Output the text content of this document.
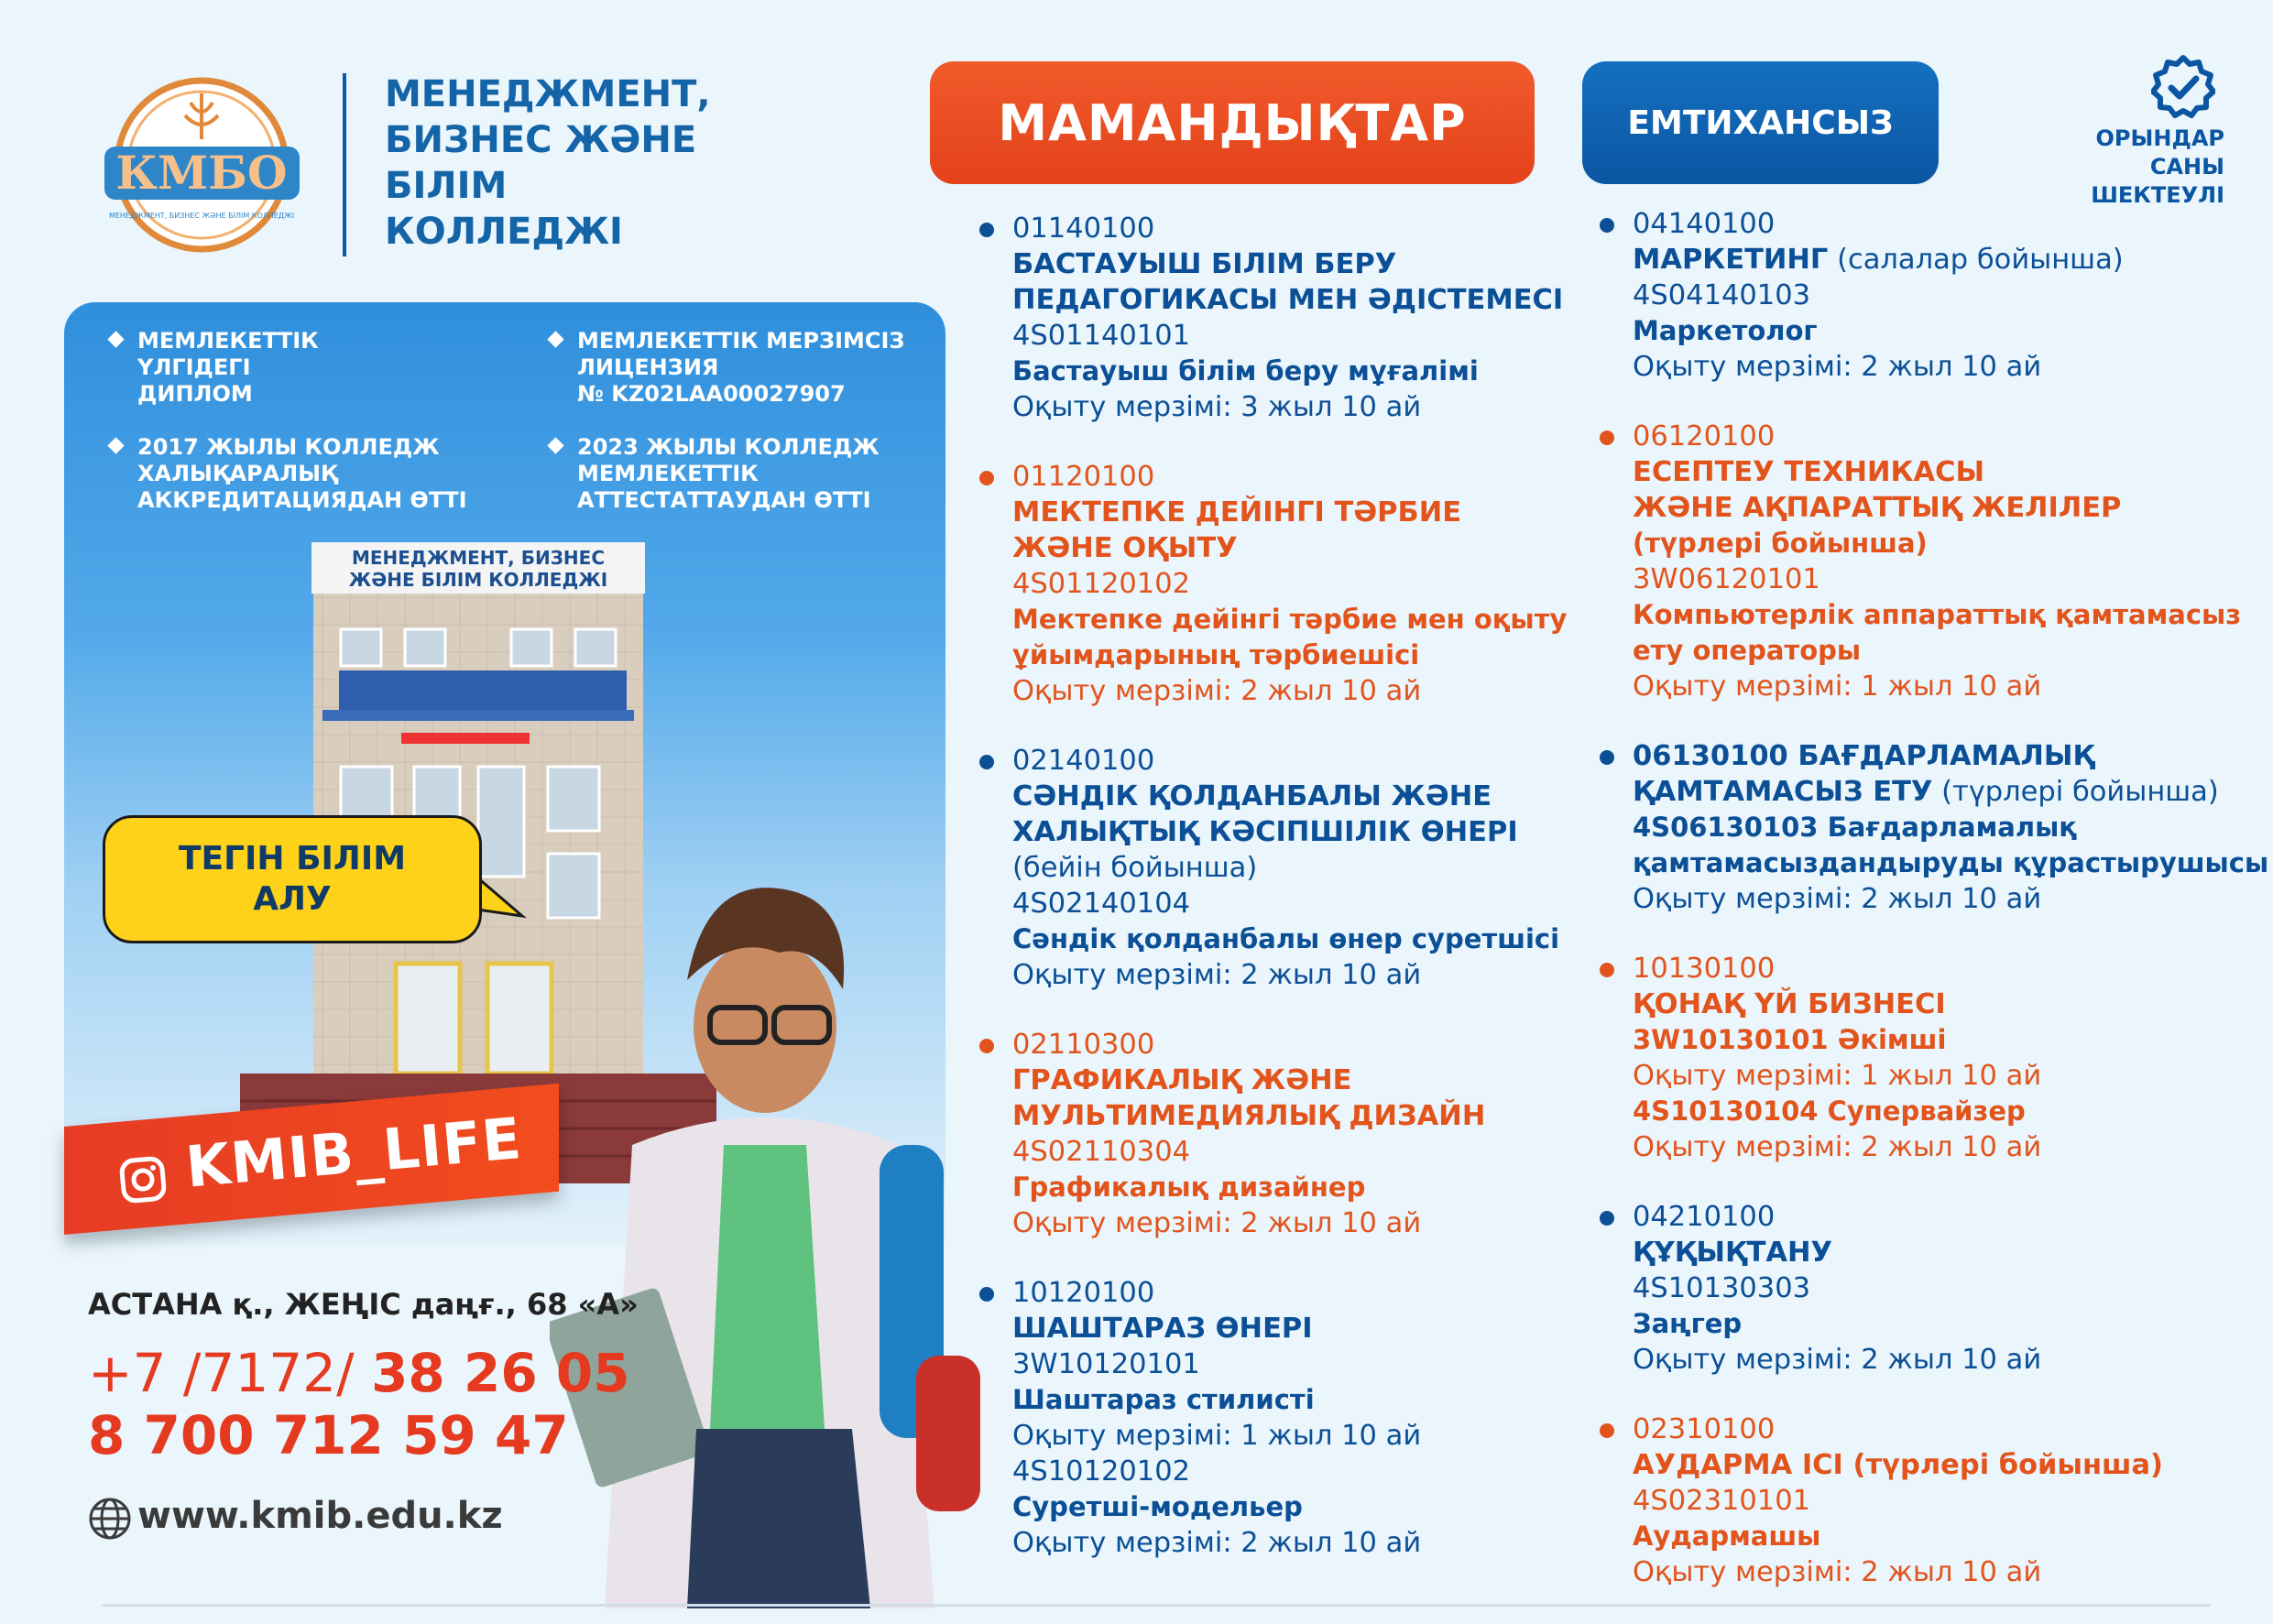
КМБО
МЕНЕДЖМЕНТ, БИЗНЕС ЖӘНЕ БІЛІМ КОЛЛЕДЖІ
МЕНЕДЖМЕНТ,
БИЗНЕС ЖӘНЕ
БІЛІМ
КОЛЛЕДЖІ
МЕМЛЕКЕТТІК
ҮЛГІДЕГІ
ДИПЛОМ
МЕМЛЕКЕТТІК МЕРЗІМСІЗ
ЛИЦЕНЗИЯ
№ KZ02LAA00027907
2017 ЖЫЛЫ КОЛЛЕДЖ
ХАЛЫҚАРАЛЫҚ
АККРЕДИТАЦИЯДАН ӨТТІ
2023 ЖЫЛЫ КОЛЛЕДЖ
МЕМЛЕКЕТТІК
АТТЕСТАТТАУДАН ӨТТІ
МЕНЕДЖМЕНТ, БИЗНЕС
ЖӘНЕ БІЛІМ КОЛЛЕДЖІ
ТЕГІН БІЛІМ
АЛУ
KMIB_LIFE
АСТАНА қ., ЖЕҢІС даңғ., 68 «А»
+7 /7172/ 38 26 05
8 700 712 59 47
www.kmib.edu.kz
МАМАНДЫҚТАР	ЕМТИХАНСЫЗ	ОРЫНДАР
САНЫ
ШЕКТЕУЛІ
01140100
БАСТАУЫШ БІЛІМ БЕРУ
ПЕДАГОГИКАСЫ МЕН ӘДІСТЕМЕСІ
4S01140101
Бастауыш білім беру мұғалімі
Оқыту мерзімі: 3 жыл 10 ай
01120100
МЕКТЕПКЕ ДЕЙІНГІ ТӘРБИЕ
ЖӘНЕ ОҚЫТУ
4S01120102
Мектепке дейінгі тәрбие мен оқыту
ұйымдарының тәрбиешісі
Оқыту мерзімі: 2 жыл 10 ай
02140100
СӘНДІК ҚОЛДАНБАЛЫ ЖӘНЕ
ХАЛЫҚТЫҚ КӘСІПШІЛІК ӨНЕРІ
(бейін бойынша)
4S02140104
Сәндік қолданбалы өнер суретшісі
Оқыту мерзімі: 2 жыл 10 ай
02110300
ГРАФИКАЛЫҚ ЖӘНЕ
МУЛЬТИМЕДИЯЛЫҚ ДИЗАЙН
4S02110304
Графикалық дизайнер
Оқыту мерзімі: 2 жыл 10 ай
10120100
ШАШТАРАЗ ӨНЕРІ
3W10120101
Шаштараз стилисті
Оқыту мерзімі: 1 жыл 10 ай
4S10120102
Суретші-модельер
Оқыту мерзімі: 2 жыл 10 ай
04140100
МАРКЕТИНГ (салалар бойынша)
4S04140103
Маркетолог
Оқыту мерзімі: 2 жыл 10 ай
06120100
ЕСЕПТЕУ ТЕХНИКАСЫ
ЖӘНЕ АҚПАРАТТЫҚ ЖЕЛІЛЕР
(түрлері бойынша)
3W06120101
Компьютерлік аппараттық қамтамасыз
ету операторы
Оқыту мерзімі: 1 жыл 10 ай
06130100 БАҒДАРЛАМАЛЫҚ
ҚАМТАМАСЫЗ ЕТУ (түрлері бойынша)
4S06130103 Бағдарламалық
қамтамасыздандыруды құрастырушысы
Оқыту мерзімі: 2 жыл 10 ай
10130100
ҚОНАҚ ҮЙ БИЗНЕСІ
3W10130101 Әкімші
Оқыту мерзімі: 1 жыл 10 ай
4S10130104 Супервайзер
Оқыту мерзімі: 2 жыл 10 ай
04210100
ҚҰҚЫҚТАНУ
4S10130303
Заңгер
Оқыту мерзімі: 2 жыл 10 ай
02310100
АУДАРМА ІСІ (түрлері бойынша)
4S02310101
Аудармашы
Оқыту мерзімі: 2 жыл 10 ай
